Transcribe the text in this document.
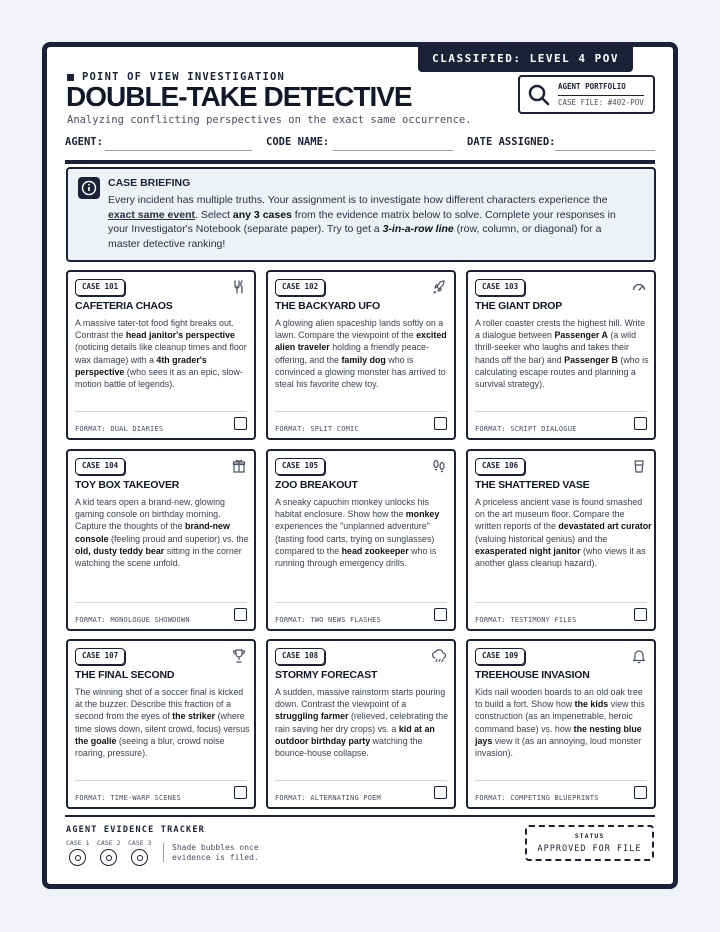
CLASSIFIED: LEVEL 4 POV
POINT OF VIEW INVESTIGATION
DOUBLE-TAKE DETECTIVE
Analyzing conflicting perspectives on the exact same occurrence.
AGENT PORTFOLIO
CASE FILE: #402-POV
AGENT:	CODE NAME:	DATE ASSIGNED:
CASE BRIEFING
Every incident has multiple truths. Your assignment is to investigate how different characters experience the exact same event. Select any 3 cases from the evidence matrix below to solve. Complete your responses in your Investigator's Notebook (separate paper). Try to get a 3-in-a-row line (row, column, or diagonal) for a master detective ranking!
CASE 101
CAFETERIA CHAOS
A massive tater-tot food fight breaks out. Contrast the head janitor's perspective (noticing details like cleanup times and floor wax damage) with a 4th grader's perspective (who sees it as an epic, slow-motion battle of legends).
FORMAT: DUAL DIARIES
CASE 102
THE BACKYARD UFO
A glowing alien spaceship lands softly on a lawn. Compare the viewpoint of the excited alien traveler holding a friendly peace-offering, and the family dog who is convinced a glowing monster has arrived to steal his favorite chew toy.
FORMAT: SPLIT COMIC
CASE 103
THE GIANT DROP
A roller coaster crests the highest hill. Write a dialogue between Passenger A (a wild thrill-seeker who laughs and takes their hands off the bar) and Passenger B (who is calculating escape routes and planning a survival strategy).
FORMAT: SCRIPT DIALOGUE
CASE 104
TOY BOX TAKEOVER
A kid tears open a brand-new, glowing gaming console on birthday morning. Capture the thoughts of the brand-new console (feeling proud and superior) vs. the old, dusty teddy bear sitting in the corner watching the scene unfold.
FORMAT: MONOLOGUE SHOWDOWN
CASE 105
ZOO BREAKOUT
A sneaky capuchin monkey unlocks his habitat enclosure. Show how the monkey experiences the "unplanned adventure" (tasting food carts, trying on sunglasses) compared to the head zookeeper who is running through emergency drills.
FORMAT: TWO NEWS FLASHES
CASE 106
THE SHATTERED VASE
A priceless ancient vase is found smashed on the art museum floor. Compare the written reports of the devastated art curator (valuing historical genius) and the exasperated night janitor (who views it as another glass cleanup hazard).
FORMAT: TESTIMONY FILES
CASE 107
THE FINAL SECOND
The winning shot of a soccer final is kicked at the buzzer. Describe this fraction of a second from the eyes of the striker (where time slows down, silent crowd, focus) versus the goalie (seeing a blur, crowd noise roaring, pressure).
FORMAT: TIME-WARP SCENES
CASE 108
STORMY FORECAST
A sudden, massive rainstorm starts pouring down. Contrast the viewpoint of a struggling farmer (relieved, celebrating the rain saving her dry crops) vs. a kid at an outdoor birthday party watching the bounce-house collapse.
FORMAT: ALTERNATING POEM
CASE 109
TREEHOUSE INVASION
Kids nail wooden boards to an old oak tree to build a fort. Show how the kids view this construction (as an impenetrable, heroic command base) vs. how the nesting blue jays view it (as an annoying, loud monster invasion).
FORMAT: COMPETING BLUEPRINTS
AGENT EVIDENCE TRACKER
CASE 1 CASE 2 CASE 3	Shade bubbles once
evidence is filed.
STATUS
APPROVED FOR FILE
